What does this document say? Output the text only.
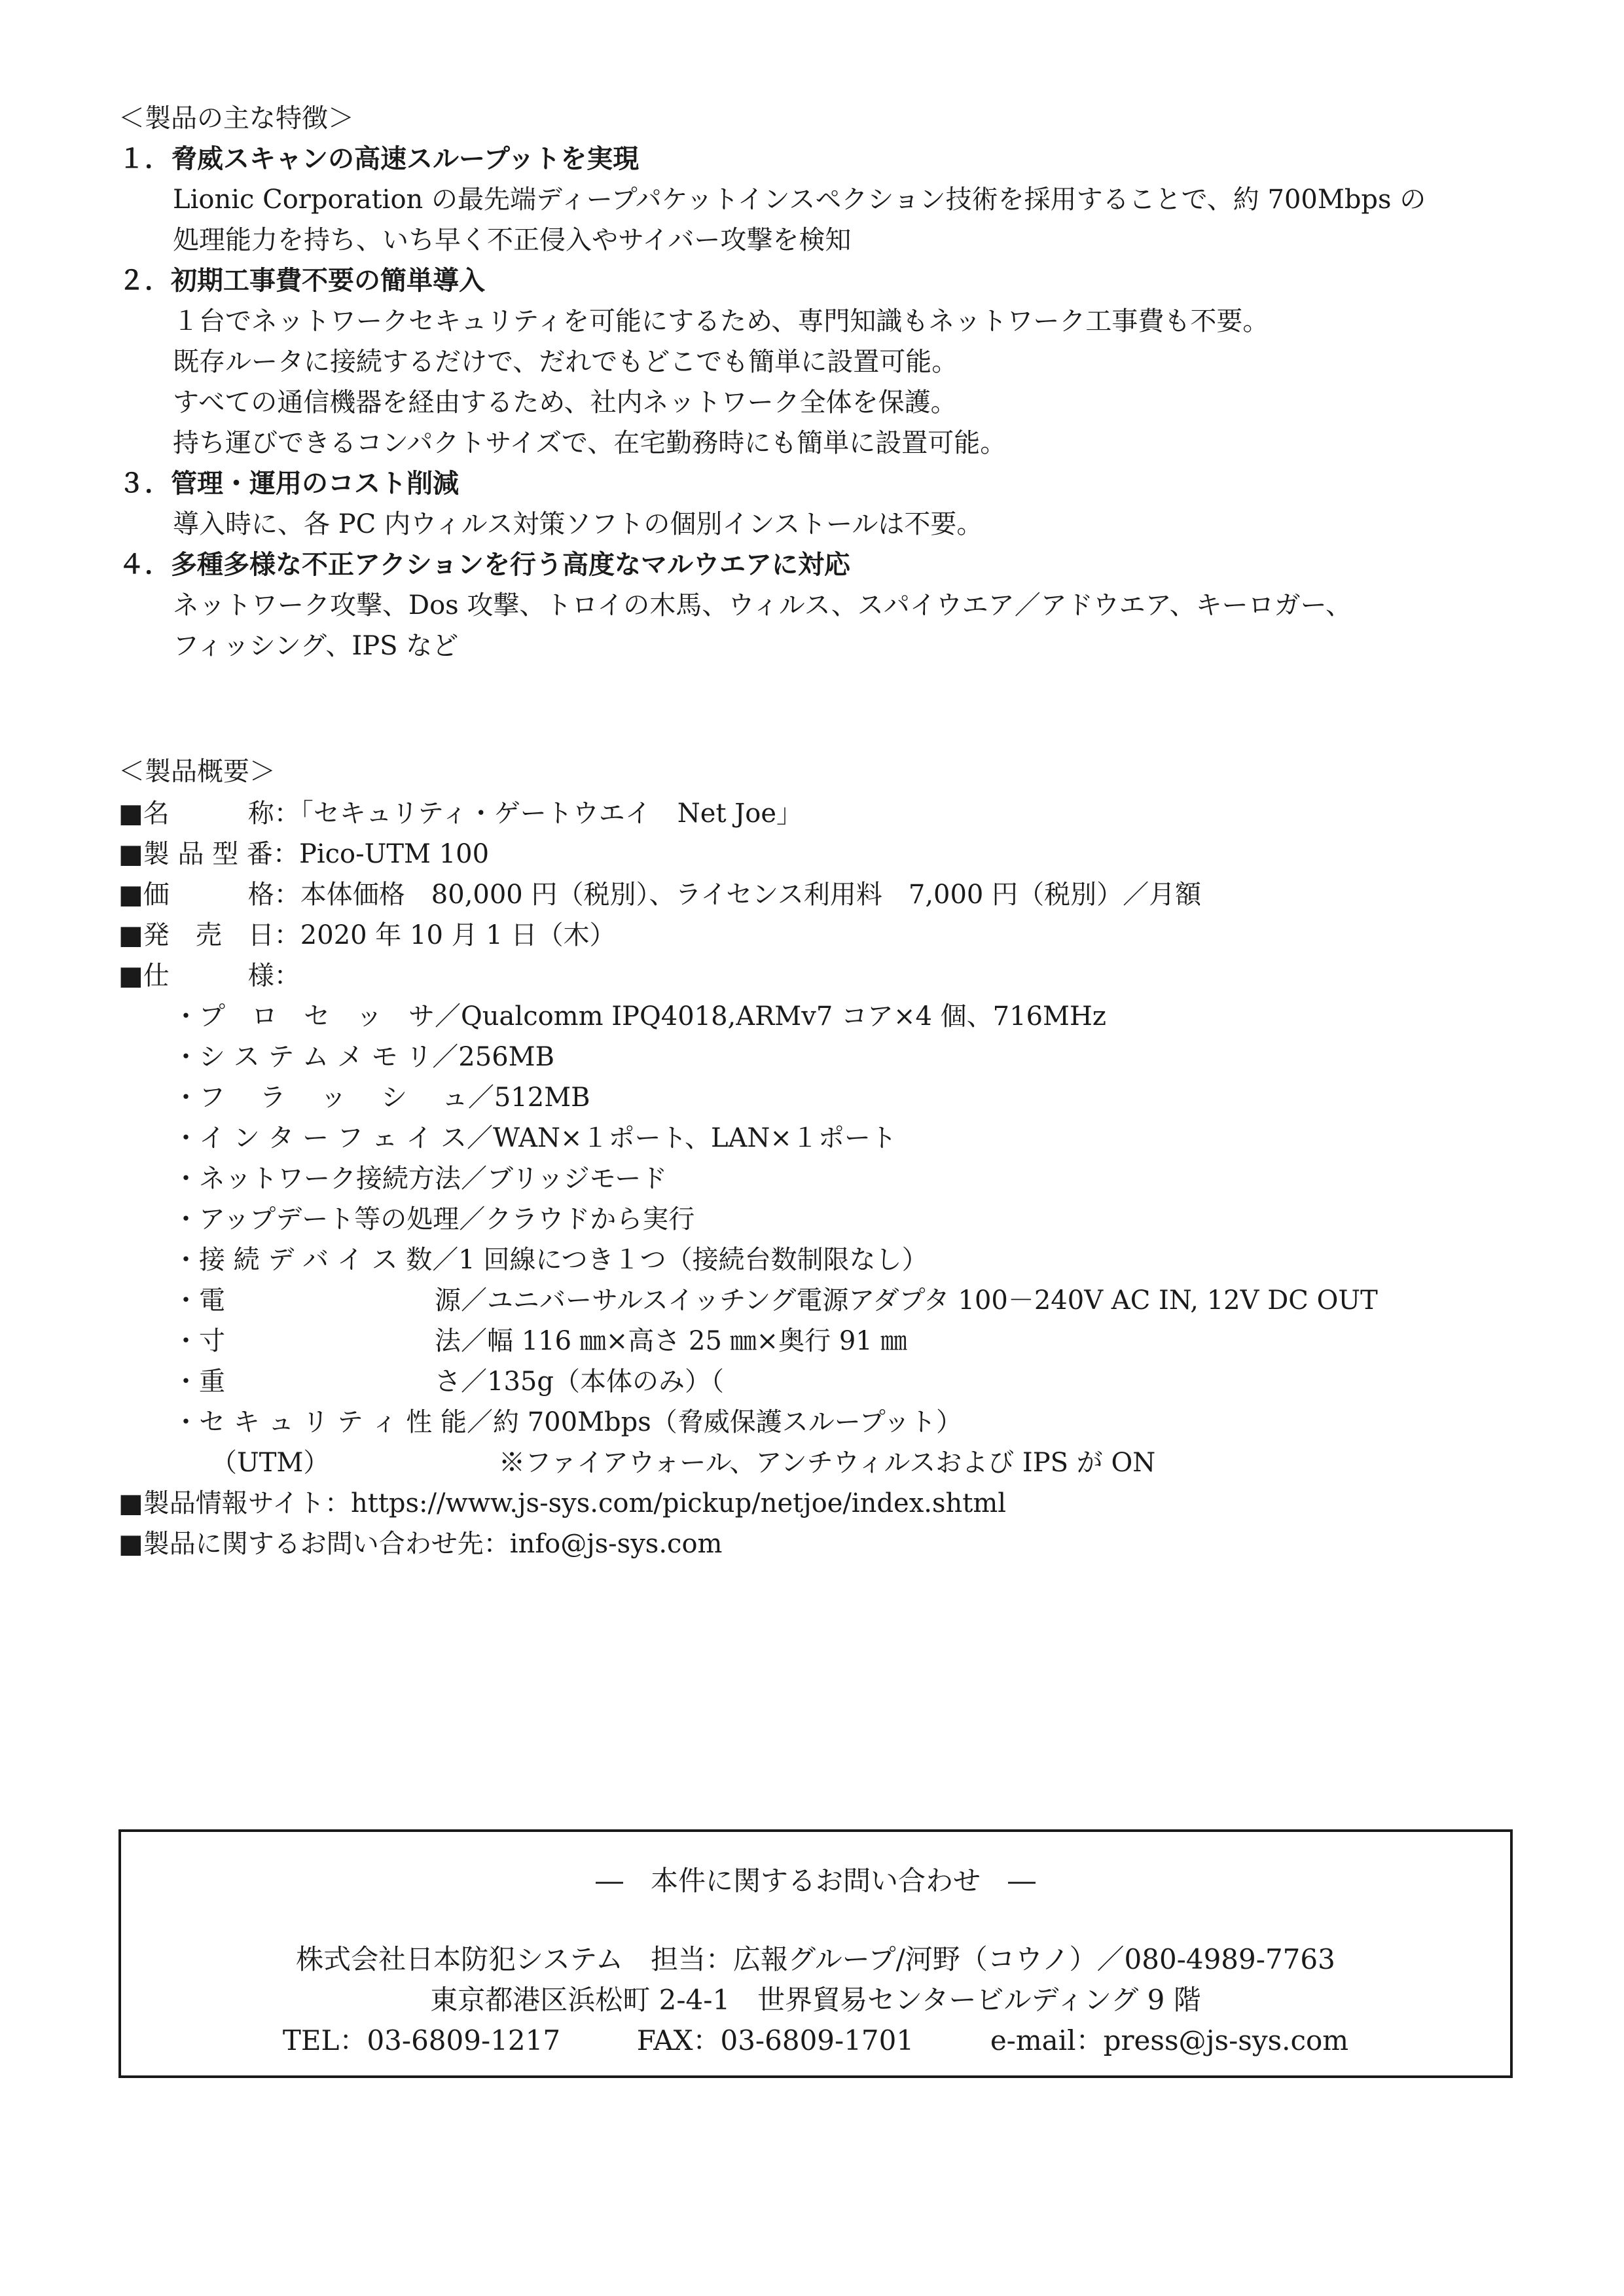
＜製品の主な特徴＞
１．脅威スキャンの高速スループットを実現
Lionic Corporation の最先端ディープパケットインスペクション技術を採用することで、約 700Mbps の
処理能力を持ち、いち早く不正侵入やサイバー攻撃を検知
２．初期工事費不要の簡単導入
１台でネットワークセキュリティを可能にするため、専門知識もネットワーク工事費も不要。
既存ルータに接続するだけで、だれでもどこでも簡単に設置可能。
すべての通信機器を経由するため、社内ネットワーク全体を保護。
持ち運びできるコンパクトサイズで、在宅勤務時にも簡単に設置可能。
３．管理・運用のコスト削減
導入時に、各 PC 内ウィルス対策ソフトの個別インストールは不要。
４．多種多様な不正アクションを行う高度なマルウエアに対応
ネットワーク攻撃、Dos 攻撃、トロイの木馬、ウィルス、スパイウエア／アドウエア、キーロガー、
フィッシング、IPS など
＜製品概要＞
■名　　　称：「セキュリティ・ゲートウエイ　Net Joe」
■製 品 型 番：Pico-UTM 100
■価　　　格：本体価格　80,000 円（税別）、ライセンス利用料　7,000 円（税別）／月額
■発　売　日：2020 年 10 月 1 日（木）
■仕　　　様：
・プ　ロ　セ　ッ　サ／Qualcomm IPQ4018,ARMv7 コア×4 個、716MHz
・シ ス テ ム メ モ リ／256MB
・フ　 ラ　 ッ　 シ　 ュ／512MB
・イ ン タ ー フ ェ イ ス／WAN×１ポート、LAN×１ポート
・ネットワーク接続方法／ブリッジモード
・アップデート等の処理／クラウドから実行
・接 続 デ バ イ ス 数／1 回線につき１つ（接続台数制限なし）
・電　　　　　　　　源／ユニバーサルスイッチング電源アダプタ 100－240V AC IN, 12V DC OUT
・寸　　　　　　　　法／幅 116 ㎜×高さ 25 ㎜×奥行 91 ㎜
・重　　　　　　　　さ／135g（本体のみ）（
・セ キ ュ リ テ ィ 性 能／約 700Mbps（脅威保護スループット）
（UTM）	※ファイアウォール、アンチウィルスおよび IPS が ON
■製品情報サイト：https://www.js-sys.com/pickup/netjoe/index.shtml
■製品に関するお問い合わせ先：info@js-sys.com
―　本件に関するお問い合わせ　―
株式会社日本防犯システム　担当：広報グループ/河野（コウノ）／080-4989-7763
東京都港区浜松町 2-4-1　世界貿易センタービルディング 9 階
TEL：03-6809-1217	FAX：03-6809-1701	e-mail：press@js-sys.com
